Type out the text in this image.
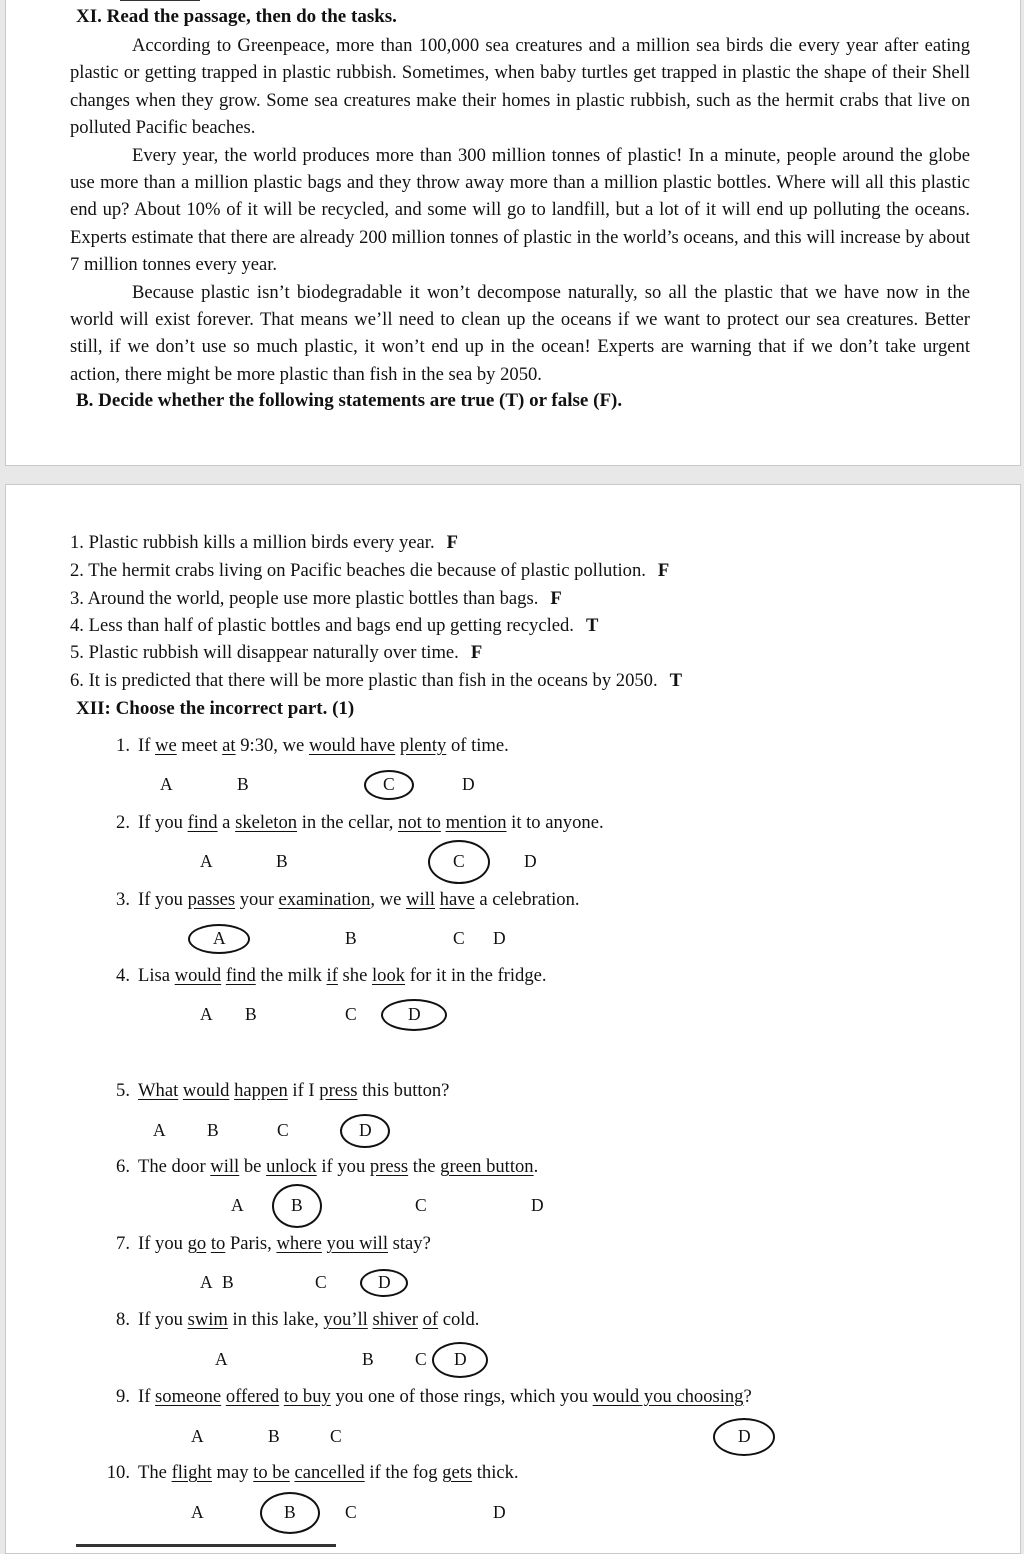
XI. Read the passage, then do the tasks.

According to Greenpeace, more than 100,000 sea creatures and a million sea birds die every year after eating plastic or getting trapped in plastic rubbish. Sometimes, when baby turtles get trapped in plastic the shape of their Shell changes when they grow. Some sea creatures make their homes in plastic rubbish, such as the hermit crabs that live on polluted Pacific beaches.

Every year, the world produces more than 300 million tonnes of plastic! In a minute, people around the globe use more than a million plastic bags and they throw away more than a million plastic bottles. Where will all this plastic end up? About 10% of it will be recycled, and some will go to landfill, but a lot of it will end up polluting the oceans. Experts estimate that there are already 200 million tonnes of plastic in the world’s oceans, and this will increase by about 7 million tonnes every year.

Because plastic isn’t biodegradable it won’t decompose naturally, so all the plastic that we have now in the world will exist forever. That means we’ll need to clean up the oceans if we want to protect our sea creatures. Better still, if we don’t use so much plastic, it won’t end up in the ocean! Experts are warning that if we don’t take urgent action, there might be more plastic than fish in the sea by 2050.

B. Decide whether the following statements are true (T) or false (F).
1. Plastic rubbish kills a million birds every year. F
2. The hermit crabs living on Pacific beaches die because of plastic pollution. F
3. Around the world, people use more plastic bottles than bags. F
4. Less than half of plastic bottles and bags end up getting recycled. T
5. Plastic rubbish will disappear naturally over time. F
6. It is predicted that there will be more plastic than fish in the oceans by 2050. T
XII: Choose the incorrect part. (1)
1. If we meet at 9:30, we would have plenty of time.
A	B	C	D
2. If you find a skeleton in the cellar, not to mention it to anyone.
A	B	C	D
3. If you passes your examination, we will have a celebration.
A	B	C D
4. Lisa would find the milk if she look for it in the fridge.
A B	C	D
5. What would happen if I press this button?
A B	C	D
6. The door will be unlock if you press the green button.
A	B	C	D
7. If you go to Paris, where you will stay?
A B	C	D
8. If you swim in this lake, you’ll shiver of cold.
A	B C D
9. If someone offered to buy you one of those rings, which you would you choosing?
A	B	C	D
10. The flight may to be cancelled if the fog gets thick.
A	B	C	D
